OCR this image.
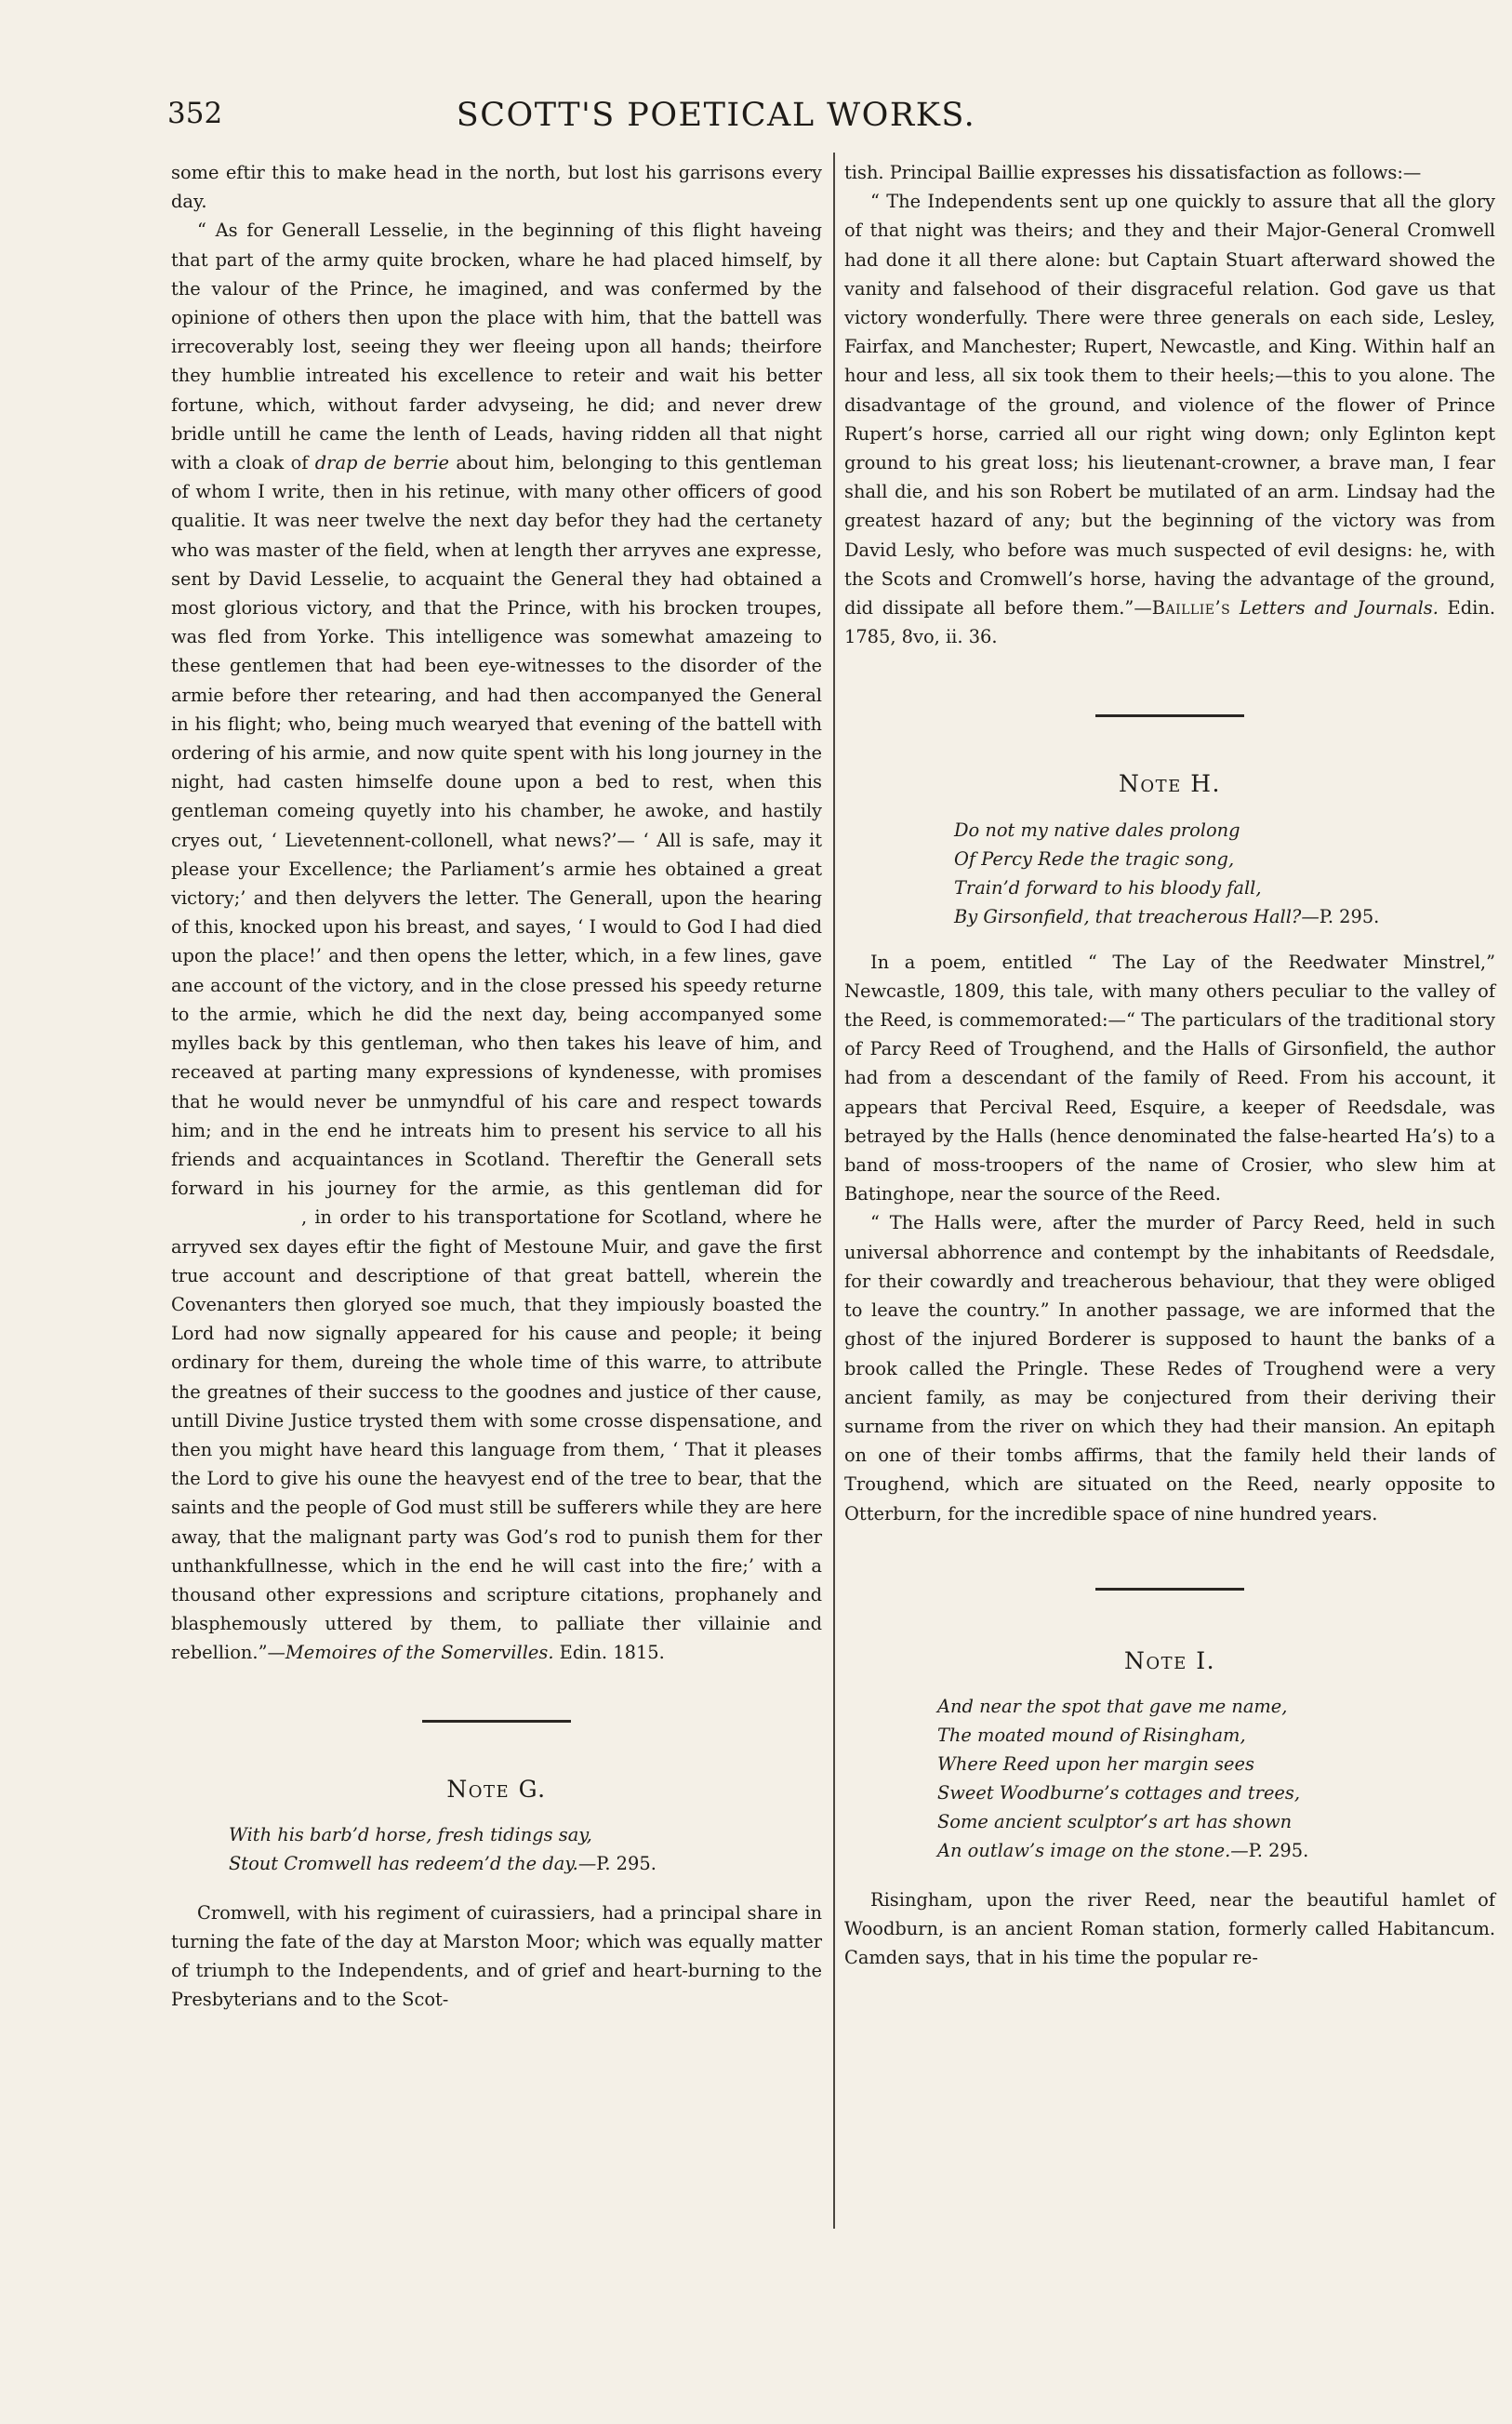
352	SCOTT'S POETICAL WORKS.

some eftir this to make head in the north, but lost his garrisons every day.

“ As for Generall Lesselie, in the beginning of this flight haveing that part of the army quite brocken, whare he had placed himself, by the valour of the Prince, he imagined, and was confermed by the opinione of others then upon the place with him, that the battell was irrecoverably lost, seeing they wer fleeing upon all hands; theirfore they humblie intreated his excellence to reteir and wait his better fortune, which, without farder advyseing, he did; and never drew bridle untill he came the lenth of Leads, having ridden all that night with a cloak of drap de berrie about him, belonging to this gentleman of whom I write, then in his retinue, with many other officers of good qualitie. It was neer twelve the next day befor they had the certanety who was master of the field, when at length ther arryves ane expresse, sent by David Lesselie, to acquaint the General they had obtained a most glorious victory, and that the Prince, with his brocken troupes, was fled from Yorke. This intelligence was somewhat amazeing to these gentlemen that had been eye-witnesses to the disorder of the armie before ther retearing, and had then accompanyed the General in his flight; who, being much wearyed that evening of the battell with ordering of his armie, and now quite spent with his long journey in the night, had casten himselfe doune upon a bed to rest, when this gentleman comeing quyetly into his chamber, he awoke, and hastily cryes out, ‘ Lievetennent-collonell, what news?’— ‘ All is safe, may it please your Excellence; the Parliament’s armie hes obtained a great victory;’ and then delyvers the letter. The Generall, upon the hearing of this, knocked upon his breast, and sayes, ‘ I would to God I had died upon the place!’ and then opens the letter, which, in a few lines, gave ane account of the victory, and in the close pressed his speedy returne to the armie, which he did the next day, being accompanyed some mylles back by this gentleman, who then takes his leave of him, and receaved at parting many expressions of kyndenesse, with promises that he would never be unmyndful of his care and respect towards him; and in the end he intreats him to present his service to all his friends and acquaintances in Scotland. Thereftir the Generall sets forward in his journey for the armie, as this gentleman did for, in order to his transportatione for Scotland, where he arryved sex dayes eftir the fight of Mestoune Muir, and gave the first true account and descriptione of that great battell, wherein the Covenanters then gloryed soe much, that they impiously boasted the Lord had now signally appeared for his cause and people; it being ordinary for them, dureing the whole time of this warre, to attribute the greatnes of their success to the goodnes and justice of ther cause, untill Divine Justice trysted them with some crosse dispensatione, and then you might have heard this language from them, ‘ That it pleases the Lord to give his oune the heavyest end of the tree to bear, that the saints and the people of God must still be sufferers while they are here away, that the malignant party was God’s rod to punish them for ther unthankfullnesse, which in the end he will cast into the fire;’ with a thousand other expressions and scripture citations, prophanely and blasphemously uttered by them, to palliate ther villainie and rebellion.”—Memoires of the Somervilles. Edin. 1815.

Note G.
With his barb’d horse, fresh tidings say,
Stout Cromwell has redeem’d the day.—P. 295.

Cromwell, with his regiment of cuirassiers, had a principal share in turning the fate of the day at Marston Moor; which was equally matter of triumph to the Independents, and of grief and heart-burning to the Presbyterians and to the Scot-

tish. Principal Baillie expresses his dissatisfaction as follows:—

“ The Independents sent up one quickly to assure that all the glory of that night was theirs; and they and their Major-General Cromwell had done it all there alone: but Captain Stuart afterward showed the vanity and falsehood of their disgraceful relation. God gave us that victory wonderfully. There were three generals on each side, Lesley, Fairfax, and Manchester; Rupert, Newcastle, and King. Within half an hour and less, all six took them to their heels;—this to you alone. The disadvantage of the ground, and violence of the flower of Prince Rupert’s horse, carried all our right wing down; only Eglinton kept ground to his great loss; his lieutenant-crowner, a brave man, I fear shall die, and his son Robert be mutilated of an arm. Lindsay had the greatest hazard of any; but the beginning of the victory was from David Lesly, who before was much suspected of evil designs: he, with the Scots and Cromwell’s horse, having the advantage of the ground, did dissipate all before them.”—Baillie’s Letters and Journals. Edin. 1785, 8vo, ii. 36.

Note H.
Do not my native dales prolong
Of Percy Rede the tragic song,
Train’d forward to his bloody fall,
By Girsonfield, that treacherous Hall?—P. 295.

In a poem, entitled “ The Lay of the Reedwater Minstrel,” Newcastle, 1809, this tale, with many others peculiar to the valley of the Reed, is commemorated:—“ The particulars of the traditional story of Parcy Reed of Troughend, and the Halls of Girsonfield, the author had from a descendant of the family of Reed. From his account, it appears that Percival Reed, Esquire, a keeper of Reedsdale, was betrayed by the Halls (hence denominated the false-hearted Ha’s) to a band of moss-troopers of the name of Crosier, who slew him at Batinghope, near the source of the Reed.

“ The Halls were, after the murder of Parcy Reed, held in such universal abhorrence and contempt by the inhabitants of Reedsdale, for their cowardly and treacherous behaviour, that they were obliged to leave the country.” In another passage, we are informed that the ghost of the injured Borderer is supposed to haunt the banks of a brook called the Pringle. These Redes of Troughend were a very ancient family, as may be conjectured from their deriving their surname from the river on which they had their mansion. An epitaph on one of their tombs affirms, that the family held their lands of Troughend, which are situated on the Reed, nearly opposite to Otterburn, for the incredible space of nine hundred years.

Note I.
And near the spot that gave me name,
The moated mound of Risingham,
Where Reed upon her margin sees
Sweet Woodburne’s cottages and trees,
Some ancient sculptor’s art has shown
An outlaw’s image on the stone.—P. 295.

Risingham, upon the river Reed, near the beautiful hamlet of Woodburn, is an ancient Roman station, formerly called Habitancum. Camden says, that in his time the popular re-
